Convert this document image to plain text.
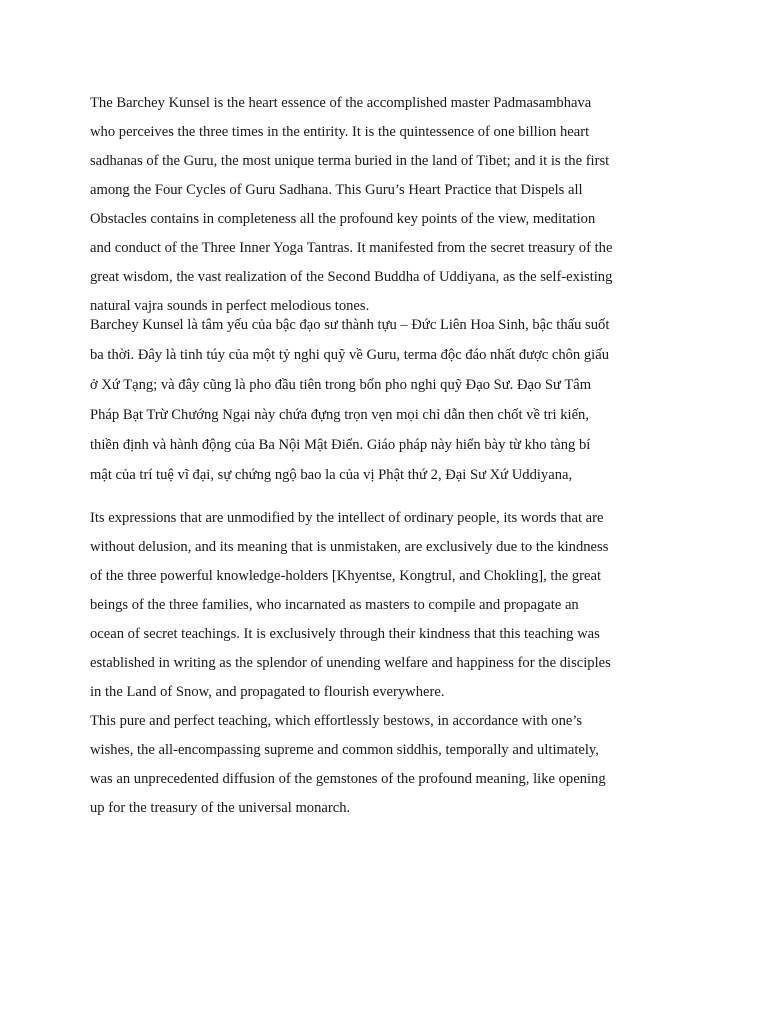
The Barchey Kunsel is the heart essence of the accomplished master Padmasambhava
who perceives the three times in the entirity. It is the quintessence of one billion heart
sadhanas of the Guru, the most unique terma buried in the land of Tibet; and it is the first
among the Four Cycles of Guru Sadhana. This Guru’s Heart Practice that Dispels all
Obstacles contains in completeness all the profound key points of the view, meditation
and conduct of the Three Inner Yoga Tantras. It manifested from the secret treasury of the
great wisdom, the vast realization of the Second Buddha of Uddiyana, as the self-existing
natural vajra sounds in perfect melodious tones.

Barchey Kunsel là tâm yếu của bậc đạo sư thành tựu – Đức Liên Hoa Sinh, bậc thấu suốt
ba thời. Đây là tinh túy của một tỷ nghi quỹ về Guru, terma độc đáo nhất được chôn giấu
ở Xứ Tạng; và đây cũng là pho đầu tiên trong bốn pho nghi quỹ Đạo Sư. Đạo Sư Tâm
Pháp Bạt Trừ Chướng Ngại này chứa đựng trọn vẹn mọi chỉ dẫn then chốt về tri kiến,
thiền định và hành động của Ba Nội Mật Điển. Giáo pháp này hiển bày từ kho tàng bí
mật của trí tuệ vĩ đại, sự chứng ngộ bao la của vị Phật thứ 2, Đại Sư Xứ Uddiyana,

Its expressions that are unmodified by the intellect of ordinary people, its words that are
without delusion, and its meaning that is unmistaken, are exclusively due to the kindness
of the three powerful knowledge-holders [Khyentse, Kongtrul, and Chokling], the great
beings of the three families, who incarnated as masters to compile and propagate an
ocean of secret teachings. It is exclusively through their kindness that this teaching was
established in writing as the splendor of unending welfare and happiness for the disciples
in the Land of Snow, and propagated to flourish everywhere.

This pure and perfect teaching, which effortlessly bestows, in accordance with one’s
wishes, the all-encompassing supreme and common siddhis, temporally and ultimately,
was an unprecedented diffusion of the gemstones of the profound meaning, like opening
up for the treasury of the universal monarch.
